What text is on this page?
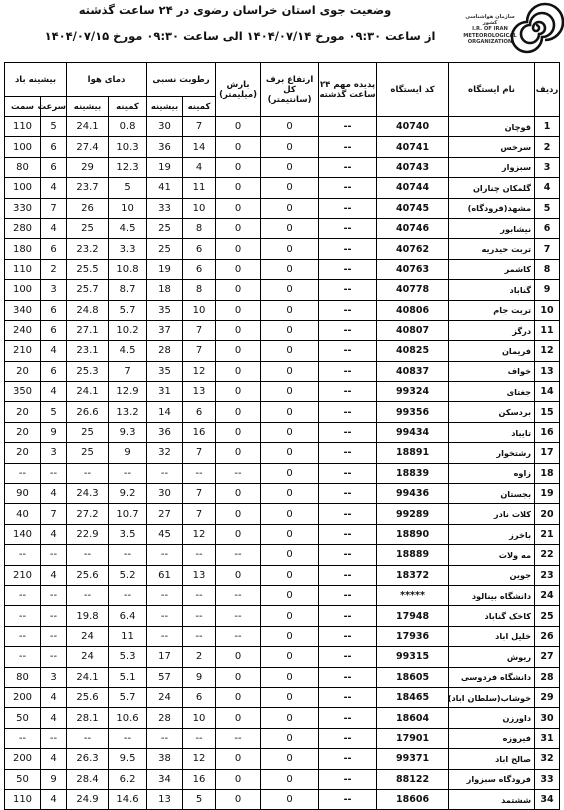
سازمان هواشناسی کشور
I.R. OF IRAN
METEOROLOGICAL
ORGANIZATION
وضعیت جوی استان خراسان رضوی در ۲۴ ساعت گذشته
از ساعت ۰۹:۳۰ مورخ ۱۴۰۴/۰۷/۱۴ الی ساعت ۰۹:۳۰ مورخ ۱۴۰۴/۰۷/۱۵
ردیف	نام ایستگاه	کد ایستگاه	پدیده مهم ۲۴ ساعت گذشته	ارتفاع برف کل (سانتیمتر)	بارش (میلیمتر)	رطوبت نسبی		دمای هوا		بیشینه باد	
						کمینه	بیشینه	کمینه	بیشینه	سرعت	سمت
1	قوچان	40740	--	0	0	7	30	0.8	24.1	5	110
2	سرخس	40741	--	0	0	14	36	10.3	27.4	6	100
3	سبزوار	40743	--	0	0	4	19	12.3	29	6	80
4	گلمکان چناران	40744	--	0	0	11	41	5	23.7	4	100
5	مشهد(فرودگاه)	40745	--	0	0	10	33	10	26	7	330
6	نیشابور	40746	--	0	0	8	25	4.5	25	4	280
7	تربت حیدریه	40762	--	0	0	6	25	3.3	23.2	6	180
8	کاشمر	40763	--	0	0	6	19	10.8	25.5	2	110
9	گناباد	40778	--	0	0	8	18	8.7	25.7	3	100
10	تربت جام	40806	--	0	0	10	35	5.7	24.8	6	340
11	درگز	40807	--	0	0	7	37	10.2	27.1	6	240
12	فریمان	40825	--	0	0	7	28	4.5	23.1	4	210
13	خواف	40837	--	0	0	12	35	7	25.3	6	20
14	جغتای	99324	--	0	0	13	31	12.9	24.1	4	350
15	بردسکن	99356	--	0	0	6	14	13.2	26.6	5	20
16	تایباد	99434	--	0	0	16	36	9.3	25	9	20
17	رشتخوار	18891	--	0	0	7	32	9	25	3	20
18	زاوه	18839	--	0	--	--	--	--	--	--	--
19	بجستان	99436	--	0	0	7	30	9.2	24.3	4	90
20	کلات نادر	99289	--	0	0	7	27	10.7	27.2	7	40
21	باخرز	18890	--	0	0	12	45	3.5	22.9	4	140
22	مه ولات	18889	--	0	--	--	--	--	--	--	--
23	جوین	18372	--	0	0	13	61	5.2	25.6	4	210
24	دانشگاه بینالود	*****	--	0	--	--	--	--	--	--	--
25	کاخک گناباد	17948	--	0	--	--	--	6.4	19.8	--	--
26	خلیل اباد	17936	--	0	--	--	--	11	24	--	--
27	ریوش	99315	--	0	0	2	17	5.3	24	--	--
28	دانشگاه فردوسی	18605	--	0	0	9	57	5.1	24.1	3	80
29	خوشاب(سلطان اباد)	18465	--	0	0	6	24	5.7	25.6	4	200
30	داورزن	18604	--	0	0	10	28	10.6	28.1	4	50
31	فیروزه	17901	--	0	--	--	--	--	--	--	--
32	صالح اباد	99371	--	0	0	12	38	9.5	26.3	4	200
33	فرودگاه سبزوار	88122	--	0	0	16	34	6.2	28.4	9	50
34	ششتمد	18606	--	0	0	5	13	14.6	24.9	4	110
